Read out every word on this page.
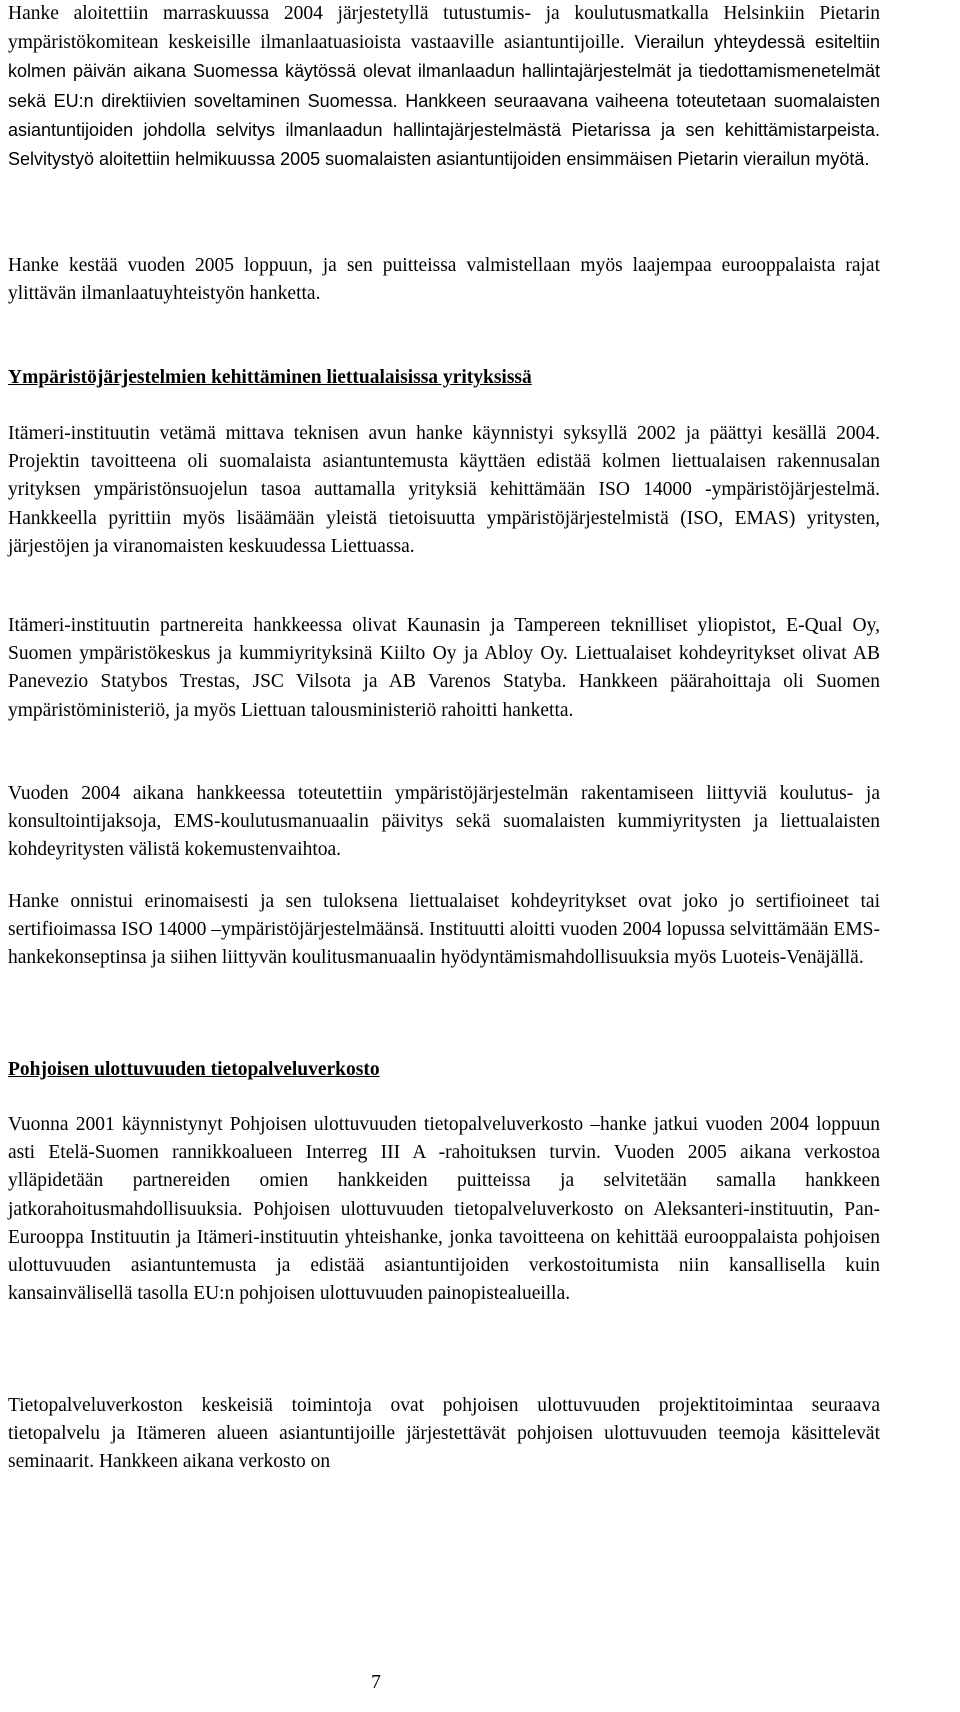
Hanke aloitettiin marraskuussa 2004 järjestetyllä tutustumis- ja koulutusmatkalla Helsinkiin Pietarin ympäristökomitean keskeisille ilmanlaatuasioista vastaaville asiantuntijoille. Vierailun yhteydessä esiteltiin kolmen päivän aikana Suomessa käytössä olevat ilmanlaadun hallintajärjestelmät ja tiedottamismenetelmät sekä EU:n direktiivien soveltaminen Suomessa. Hankkeen seuraavana vaiheena toteutetaan suomalaisten asiantuntijoiden johdolla selvitys ilmanlaadun hallintajärjestelmästä Pietarissa ja sen kehittämistarpeista. Selvitystyö aloitettiin helmikuussa 2005 suomalaisten asiantuntijoiden ensimmäisen Pietarin vierailun myötä.

Hanke kestää vuoden 2005 loppuun, ja sen puitteissa valmistellaan myös laajempaa eurooppalaista rajat ylittävän ilmanlaatuyhteistyön hanketta.

Ympäristöjärjestelmien kehittäminen liettualaisissa yrityksissä

Itämeri-instituutin vetämä mittava teknisen avun hanke käynnistyi syksyllä 2002 ja päättyi kesällä 2004. Projektin tavoitteena oli suomalaista asiantuntemusta käyttäen edistää kolmen liettualaisen rakennusalan yrityksen ympäristönsuojelun tasoa auttamalla yrityksiä kehittämään ISO 14000 -ympäristöjärjestelmä. Hankkeella pyrittiin myös lisäämään yleistä tietoisuutta ympäristöjärjestelmistä (ISO, EMAS) yritysten, järjestöjen ja viranomaisten keskuudessa Liettuassa.

Itämeri-instituutin partnereita hankkeessa olivat Kaunasin ja Tampereen teknilliset yliopistot, E-Qual Oy, Suomen ympäristökeskus ja kummiyrityksinä Kiilto Oy ja Abloy Oy. Liettualaiset kohdeyritykset olivat AB Panevezio Statybos Trestas, JSC Vilsota ja AB Varenos Statyba. Hankkeen päärahoittaja oli Suomen ympäristöministeriö, ja myös Liettuan talousministeriö rahoitti hanketta.

Vuoden 2004 aikana hankkeessa toteutettiin ympäristöjärjestelmän rakentamiseen liittyviä koulutus- ja konsultointijaksoja, EMS-koulutusmanuaalin päivitys sekä suomalaisten kummiyritysten ja liettualaisten kohdeyritysten välistä kokemustenvaihtoa.

Hanke onnistui erinomaisesti ja sen tuloksena liettualaiset kohdeyritykset ovat joko jo sertifioineet tai sertifioimassa ISO 14000 –ympäristöjärjestelmäänsä. Instituutti aloitti vuoden 2004 lopussa selvittämään EMS-hankekonseptinsa ja siihen liittyvän koulitusmanuaalin hyödyntämismahdollisuuksia myös Luoteis-Venäjällä.

Pohjoisen ulottuvuuden tietopalveluverkosto

Vuonna 2001 käynnistynyt Pohjoisen ulottuvuuden tietopalveluverkosto –hanke jatkui vuoden 2004 loppuun asti Etelä-Suomen rannikkoalueen Interreg III A -rahoituksen turvin. Vuoden 2005 aikana verkostoa ylläpidetään partnereiden omien hankkeiden puitteissa ja selvitetään samalla hankkeen jatkorahoitusmahdollisuuksia. Pohjoisen ulottuvuuden tietopalveluverkosto on Aleksanteri-instituutin, Pan-Eurooppa Instituutin ja Itämeri-instituutin yhteishanke, jonka tavoitteena on kehittää eurooppalaista pohjoisen ulottuvuuden asiantuntemusta ja edistää asiantuntijoiden verkostoitumista niin kansallisella kuin kansainvälisellä tasolla EU:n pohjoisen ulottuvuuden painopistealueilla.

Tietopalveluverkoston keskeisiä toimintoja ovat pohjoisen ulottuvuuden projektitoimintaa seuraava tietopalvelu ja Itämeren alueen asiantuntijoille järjestettävät pohjoisen ulottuvuuden teemoja käsittelevät seminaarit. Hankkeen aikana verkosto on

7
